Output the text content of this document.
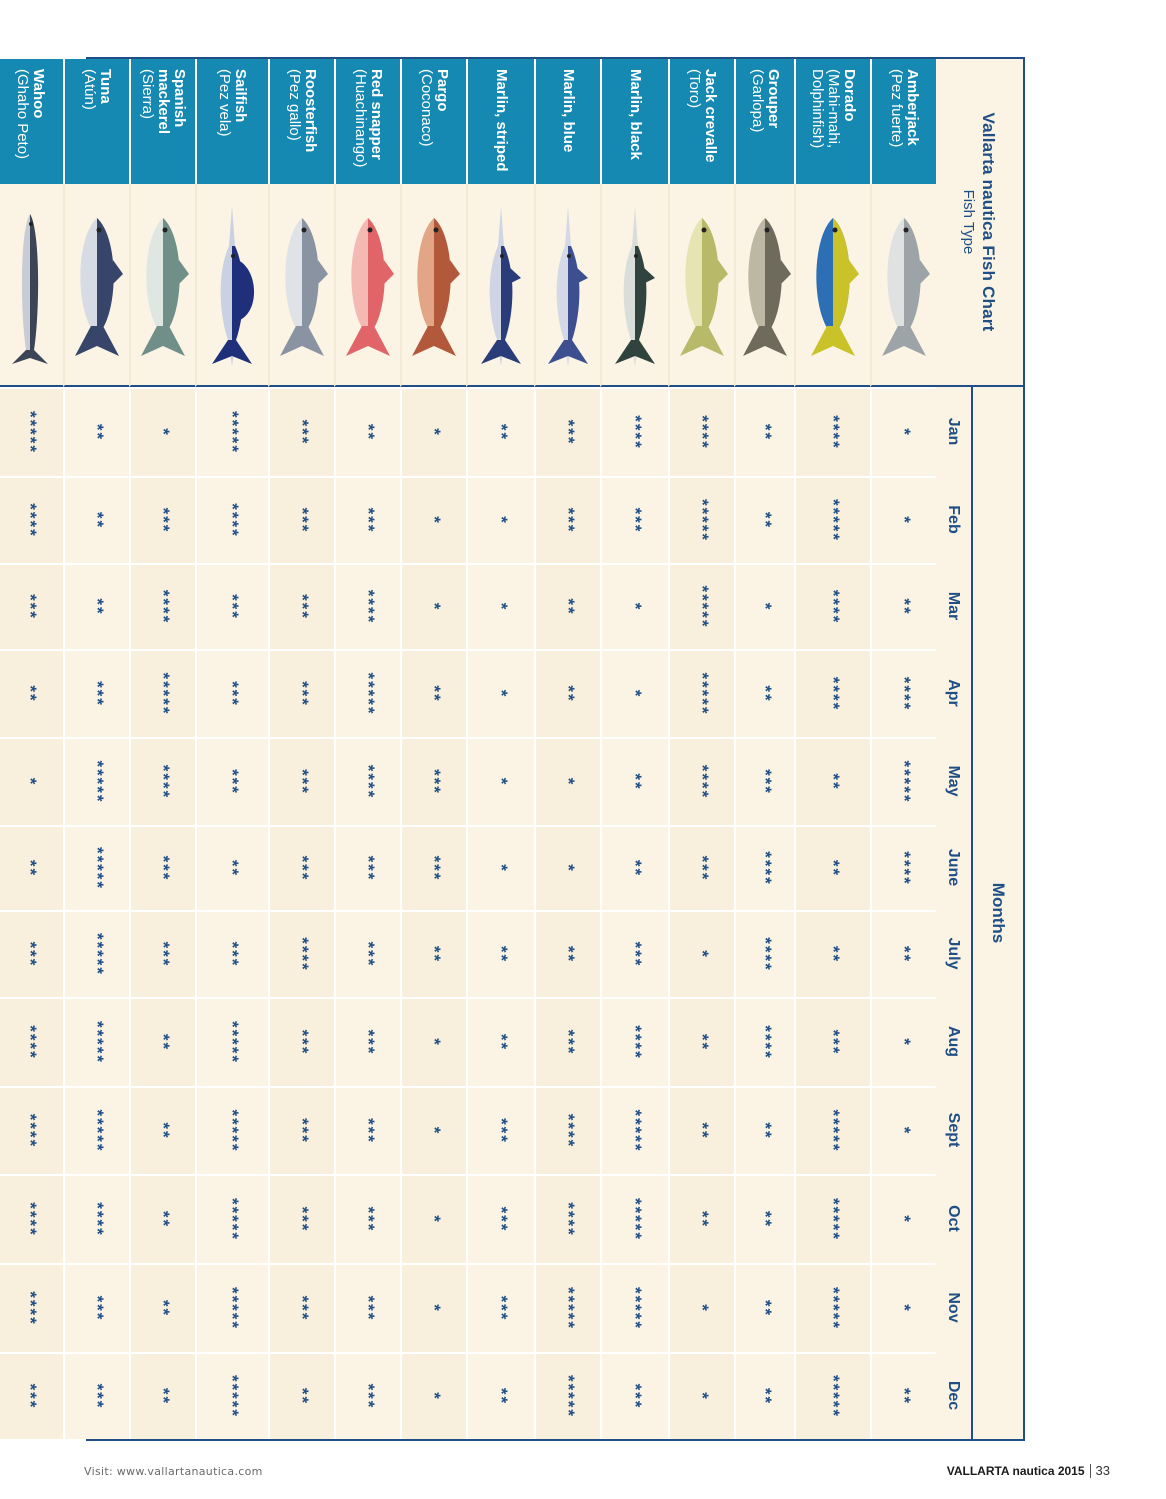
Vallarta nautica Fish Chart
Fish Type
Months
Jan
Feb
Mar
Apr
May
June
July
Aug
Sept
Oct
Nov
Dec
Amberjack
(Pez fuerte)
*
*
**
****
*****
****
**
*
*
*
*
**
Dorado
(Mahi-mahi, Dolphinfish)
****
*****
****
****
**
**
**
***
*****
*****
*****
*****
Grouper
(Garlopa)
**
**
*
**
***
****
****
****
**
**
**
**
Jack crevalle
(Toro)
****
*****
*****
*****
****
***
*
**
**
**
*
*
Marlin, black
****
***
*
*
**
**
***
****
*****
*****
*****
***
Marlin, blue
***
***
**
**
*
*
**
***
****
****
*****
*****
Marlin, striped
**
*
*
*
*
*
**
**
***
***
***
**
Pargo
(Coconaco)
*
*
*
**
***
***
**
*
*
*
*
*
Red snapper
(Huachinango)
**
***
****
*****
****
***
***
***
***
***
***
***
Roosterfish
(Pez gallo)
***
***
***
***
***
***
****
***
***
***
***
**
Sailfish
(Pez vela)
*****
****
***
***
***
**
***
*****
*****
*****
*****
*****
Spanish mackerel
(Sierra)
*
***
****
*****
****
***
***
**
**
**
**
**
Tuna
(Atún)
**
**
**
***
*****
*****
*****
*****
*****
****
***
***
Wahoo
(Ghaho Peto)
*****
****
***
**
*
**
***
****
****
****
****
***
Visit: www.vallartanautica.com	VALLARTA nautica 2015 33
